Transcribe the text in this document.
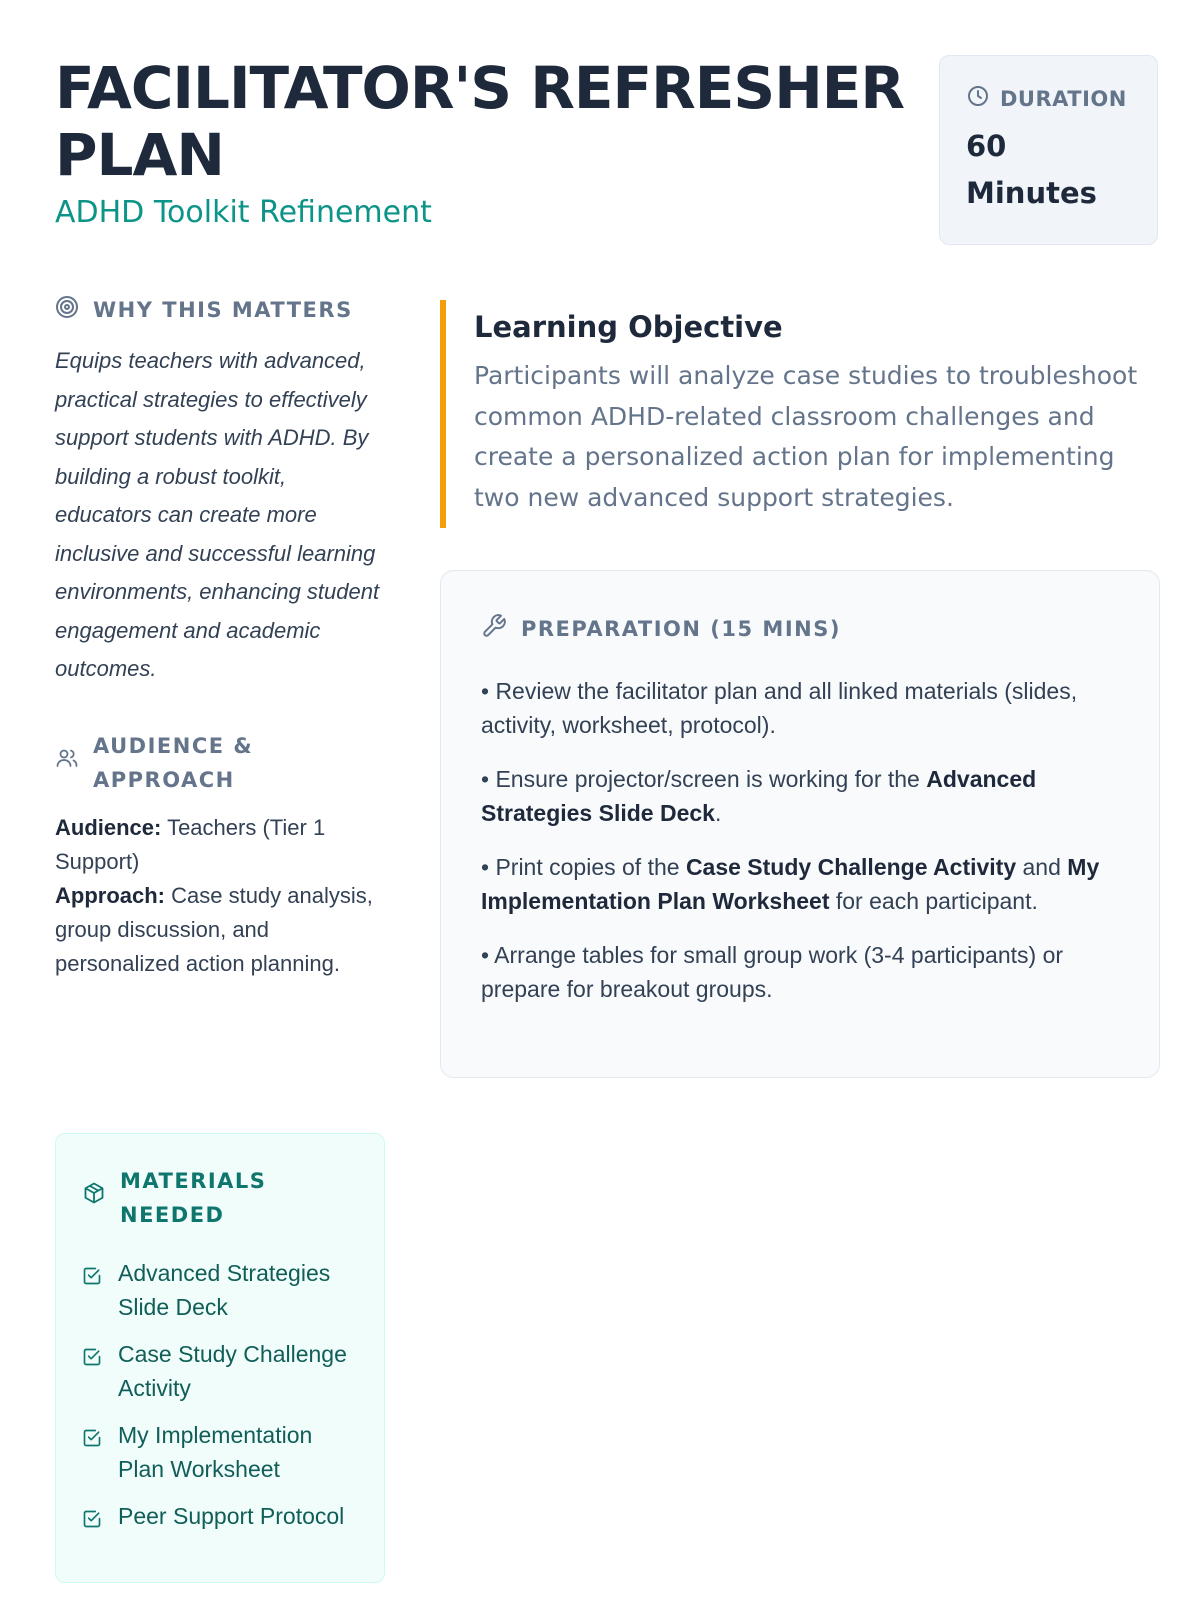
FACILITATOR'S REFRESHER PLAN
ADHD Toolkit Refinement
DURATION
60 Minutes
WHY THIS MATTERS

Equips teachers with advanced, practical strategies to effectively support students with ADHD. By building a robust toolkit, educators can create more inclusive and successful learning environments, enhancing student engagement and academic outcomes.

AUDIENCE & APPROACH
Audience: Teachers (Tier 1 Support)
Approach: Case study analysis, group discussion, and personalized action planning.
MATERIALS NEEDED
Advanced Strategies Slide Deck
Case Study Challenge Activity
My Implementation Plan Worksheet
Peer Support Protocol
Learning Objective

Participants will analyze case studies to troubleshoot common ADHD-related classroom challenges and create a personalized action plan for implementing two new advanced support strategies.

PREPARATION (15 MINS)
• Review the facilitator plan and all linked materials (slides, activity, worksheet, protocol).
• Ensure projector/screen is working for the Advanced Strategies Slide Deck.
• Print copies of the Case Study Challenge Activity and My Implementation Plan Worksheet for each participant.
• Arrange tables for small group work (3-4 participants) or prepare for breakout groups.
